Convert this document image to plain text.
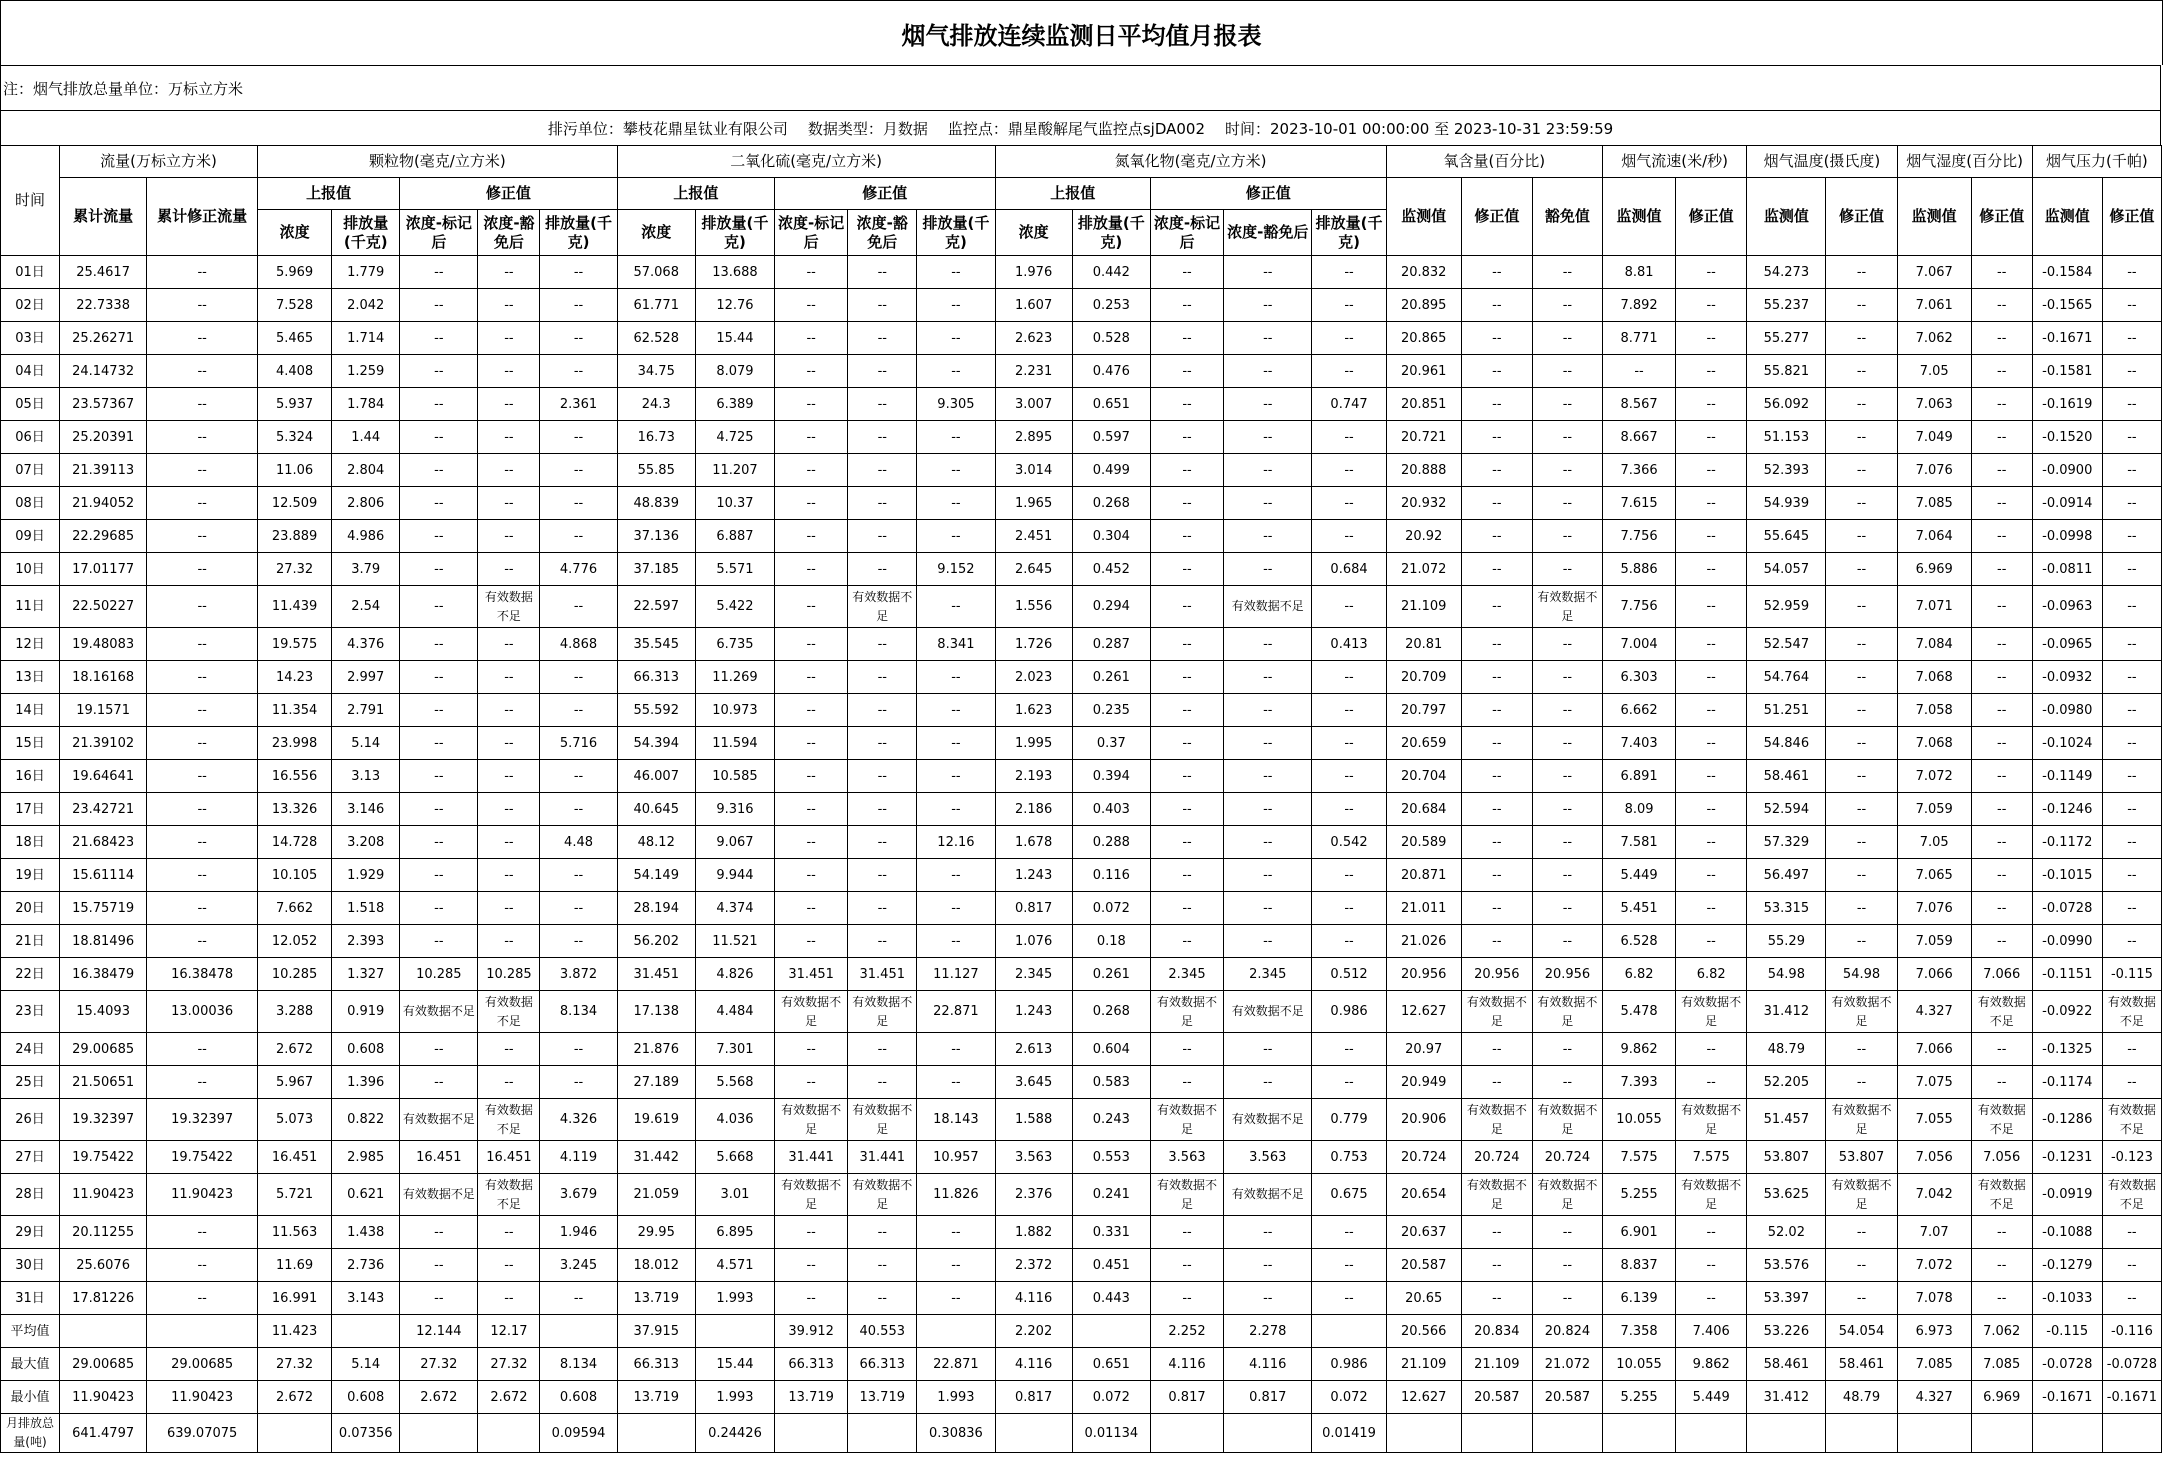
烟气排放连续监测日平均值月报表
注：烟气排放总量单位：万标立方米
排污单位：攀枝花鼎星钛业有限公司 数据类型：月数据 监控点：鼎星酸解尾气监控点sjDA002 时间：2023-10-01 00:00:00 至 2023-10-31 23:59:59
时间	流量(万标立方米)		颗粒物(毫克/立方米)					二氧化硫(毫克/立方米)					氮氧化物(毫克/立方米)					氧含量(百分比)			烟气流速(米/秒)		烟气温度(摄氏度)		烟气湿度(百分比)		烟气压力(千帕)	
	累计流量	累计修正流量	上报值		修正值			上报值		修正值			上报值		修正值			监测值	修正值	豁免值	监测值	修正值	监测值	修正值	监测值	修正值	监测值	修正值
			浓度	排放量(千克)	浓度-标记后	浓度-豁免后	排放量(千克)	浓度	排放量(千克)	浓度-标记后	浓度-豁免后	排放量(千克)	浓度	排放量(千克)	浓度-标记后	浓度-豁免后	排放量(千克)											
01日	25.4617	--	5.969	1.779	--	--	--	57.068	13.688	--	--	--	1.976	0.442	--	--	--	20.832	--	--	8.81	--	54.273	--	7.067	--	-0.1584	--
02日	22.7338	--	7.528	2.042	--	--	--	61.771	12.76	--	--	--	1.607	0.253	--	--	--	20.895	--	--	7.892	--	55.237	--	7.061	--	-0.1565	--
03日	25.26271	--	5.465	1.714	--	--	--	62.528	15.44	--	--	--	2.623	0.528	--	--	--	20.865	--	--	8.771	--	55.277	--	7.062	--	-0.1671	--
04日	24.14732	--	4.408	1.259	--	--	--	34.75	8.079	--	--	--	2.231	0.476	--	--	--	20.961	--	--	--	--	55.821	--	7.05	--	-0.1581	--
05日	23.57367	--	5.937	1.784	--	--	2.361	24.3	6.389	--	--	9.305	3.007	0.651	--	--	0.747	20.851	--	--	8.567	--	56.092	--	7.063	--	-0.1619	--
06日	25.20391	--	5.324	1.44	--	--	--	16.73	4.725	--	--	--	2.895	0.597	--	--	--	20.721	--	--	8.667	--	51.153	--	7.049	--	-0.1520	--
07日	21.39113	--	11.06	2.804	--	--	--	55.85	11.207	--	--	--	3.014	0.499	--	--	--	20.888	--	--	7.366	--	52.393	--	7.076	--	-0.0900	--
08日	21.94052	--	12.509	2.806	--	--	--	48.839	10.37	--	--	--	1.965	0.268	--	--	--	20.932	--	--	7.615	--	54.939	--	7.085	--	-0.0914	--
09日	22.29685	--	23.889	4.986	--	--	--	37.136	6.887	--	--	--	2.451	0.304	--	--	--	20.92	--	--	7.756	--	55.645	--	7.064	--	-0.0998	--
10日	17.01177	--	27.32	3.79	--	--	4.776	37.185	5.571	--	--	9.152	2.645	0.452	--	--	0.684	21.072	--	--	5.886	--	54.057	--	6.969	--	-0.0811	--
11日	22.50227	--	11.439	2.54	--	有效数据不足	--	22.597	5.422	--	有效数据不足	--	1.556	0.294	--	有效数据不足	--	21.109	--	有效数据不足	7.756	--	52.959	--	7.071	--	-0.0963	--
12日	19.48083	--	19.575	4.376	--	--	4.868	35.545	6.735	--	--	8.341	1.726	0.287	--	--	0.413	20.81	--	--	7.004	--	52.547	--	7.084	--	-0.0965	--
13日	18.16168	--	14.23	2.997	--	--	--	66.313	11.269	--	--	--	2.023	0.261	--	--	--	20.709	--	--	6.303	--	54.764	--	7.068	--	-0.0932	--
14日	19.1571	--	11.354	2.791	--	--	--	55.592	10.973	--	--	--	1.623	0.235	--	--	--	20.797	--	--	6.662	--	51.251	--	7.058	--	-0.0980	--
15日	21.39102	--	23.998	5.14	--	--	5.716	54.394	11.594	--	--	--	1.995	0.37	--	--	--	20.659	--	--	7.403	--	54.846	--	7.068	--	-0.1024	--
16日	19.64641	--	16.556	3.13	--	--	--	46.007	10.585	--	--	--	2.193	0.394	--	--	--	20.704	--	--	6.891	--	58.461	--	7.072	--	-0.1149	--
17日	23.42721	--	13.326	3.146	--	--	--	40.645	9.316	--	--	--	2.186	0.403	--	--	--	20.684	--	--	8.09	--	52.594	--	7.059	--	-0.1246	--
18日	21.68423	--	14.728	3.208	--	--	4.48	48.12	9.067	--	--	12.16	1.678	0.288	--	--	0.542	20.589	--	--	7.581	--	57.329	--	7.05	--	-0.1172	--
19日	15.61114	--	10.105	1.929	--	--	--	54.149	9.944	--	--	--	1.243	0.116	--	--	--	20.871	--	--	5.449	--	56.497	--	7.065	--	-0.1015	--
20日	15.75719	--	7.662	1.518	--	--	--	28.194	4.374	--	--	--	0.817	0.072	--	--	--	21.011	--	--	5.451	--	53.315	--	7.076	--	-0.0728	--
21日	18.81496	--	12.052	2.393	--	--	--	56.202	11.521	--	--	--	1.076	0.18	--	--	--	21.026	--	--	6.528	--	55.29	--	7.059	--	-0.0990	--
22日	16.38479	16.38478	10.285	1.327	10.285	10.285	3.872	31.451	4.826	31.451	31.451	11.127	2.345	0.261	2.345	2.345	0.512	20.956	20.956	20.956	6.82	6.82	54.98	54.98	7.066	7.066	-0.1151	-0.115
23日	15.4093	13.00036	3.288	0.919	有效数据不足	有效数据不足	8.134	17.138	4.484	有效数据不足	有效数据不足	22.871	1.243	0.268	有效数据不足	有效数据不足	0.986	12.627	有效数据不足	有效数据不足	5.478	有效数据不足	31.412	有效数据不足	4.327	有效数据不足	-0.0922	有效数据不足
24日	29.00685	--	2.672	0.608	--	--	--	21.876	7.301	--	--	--	2.613	0.604	--	--	--	20.97	--	--	9.862	--	48.79	--	7.066	--	-0.1325	--
25日	21.50651	--	5.967	1.396	--	--	--	27.189	5.568	--	--	--	3.645	0.583	--	--	--	20.949	--	--	7.393	--	52.205	--	7.075	--	-0.1174	--
26日	19.32397	19.32397	5.073	0.822	有效数据不足	有效数据不足	4.326	19.619	4.036	有效数据不足	有效数据不足	18.143	1.588	0.243	有效数据不足	有效数据不足	0.779	20.906	有效数据不足	有效数据不足	10.055	有效数据不足	51.457	有效数据不足	7.055	有效数据不足	-0.1286	有效数据不足
27日	19.75422	19.75422	16.451	2.985	16.451	16.451	4.119	31.442	5.668	31.441	31.441	10.957	3.563	0.553	3.563	3.563	0.753	20.724	20.724	20.724	7.575	7.575	53.807	53.807	7.056	7.056	-0.1231	-0.123
28日	11.90423	11.90423	5.721	0.621	有效数据不足	有效数据不足	3.679	21.059	3.01	有效数据不足	有效数据不足	11.826	2.376	0.241	有效数据不足	有效数据不足	0.675	20.654	有效数据不足	有效数据不足	5.255	有效数据不足	53.625	有效数据不足	7.042	有效数据不足	-0.0919	有效数据不足
29日	20.11255	--	11.563	1.438	--	--	1.946	29.95	6.895	--	--	--	1.882	0.331	--	--	--	20.637	--	--	6.901	--	52.02	--	7.07	--	-0.1088	--
30日	25.6076	--	11.69	2.736	--	--	3.245	18.012	4.571	--	--	--	2.372	0.451	--	--	--	20.587	--	--	8.837	--	53.576	--	7.072	--	-0.1279	--
31日	17.81226	--	16.991	3.143	--	--	--	13.719	1.993	--	--	--	4.116	0.443	--	--	--	20.65	--	--	6.139	--	53.397	--	7.078	--	-0.1033	--
平均值			11.423		12.144	12.17		37.915		39.912	40.553		2.202		2.252	2.278		20.566	20.834	20.824	7.358	7.406	53.226	54.054	6.973	7.062	-0.115	-0.116
最大值	29.00685	29.00685	27.32	5.14	27.32	27.32	8.134	66.313	15.44	66.313	66.313	22.871	4.116	0.651	4.116	4.116	0.986	21.109	21.109	21.072	10.055	9.862	58.461	58.461	7.085	7.085	-0.0728	-0.0728
最小值	11.90423	11.90423	2.672	0.608	2.672	2.672	0.608	13.719	1.993	13.719	13.719	1.993	0.817	0.072	0.817	0.817	0.072	12.627	20.587	20.587	5.255	5.449	31.412	48.79	4.327	6.969	-0.1671	-0.1671
月排放总量(吨)	641.4797	639.07075		0.07356			0.09594		0.24426			0.30836		0.01134			0.01419											
